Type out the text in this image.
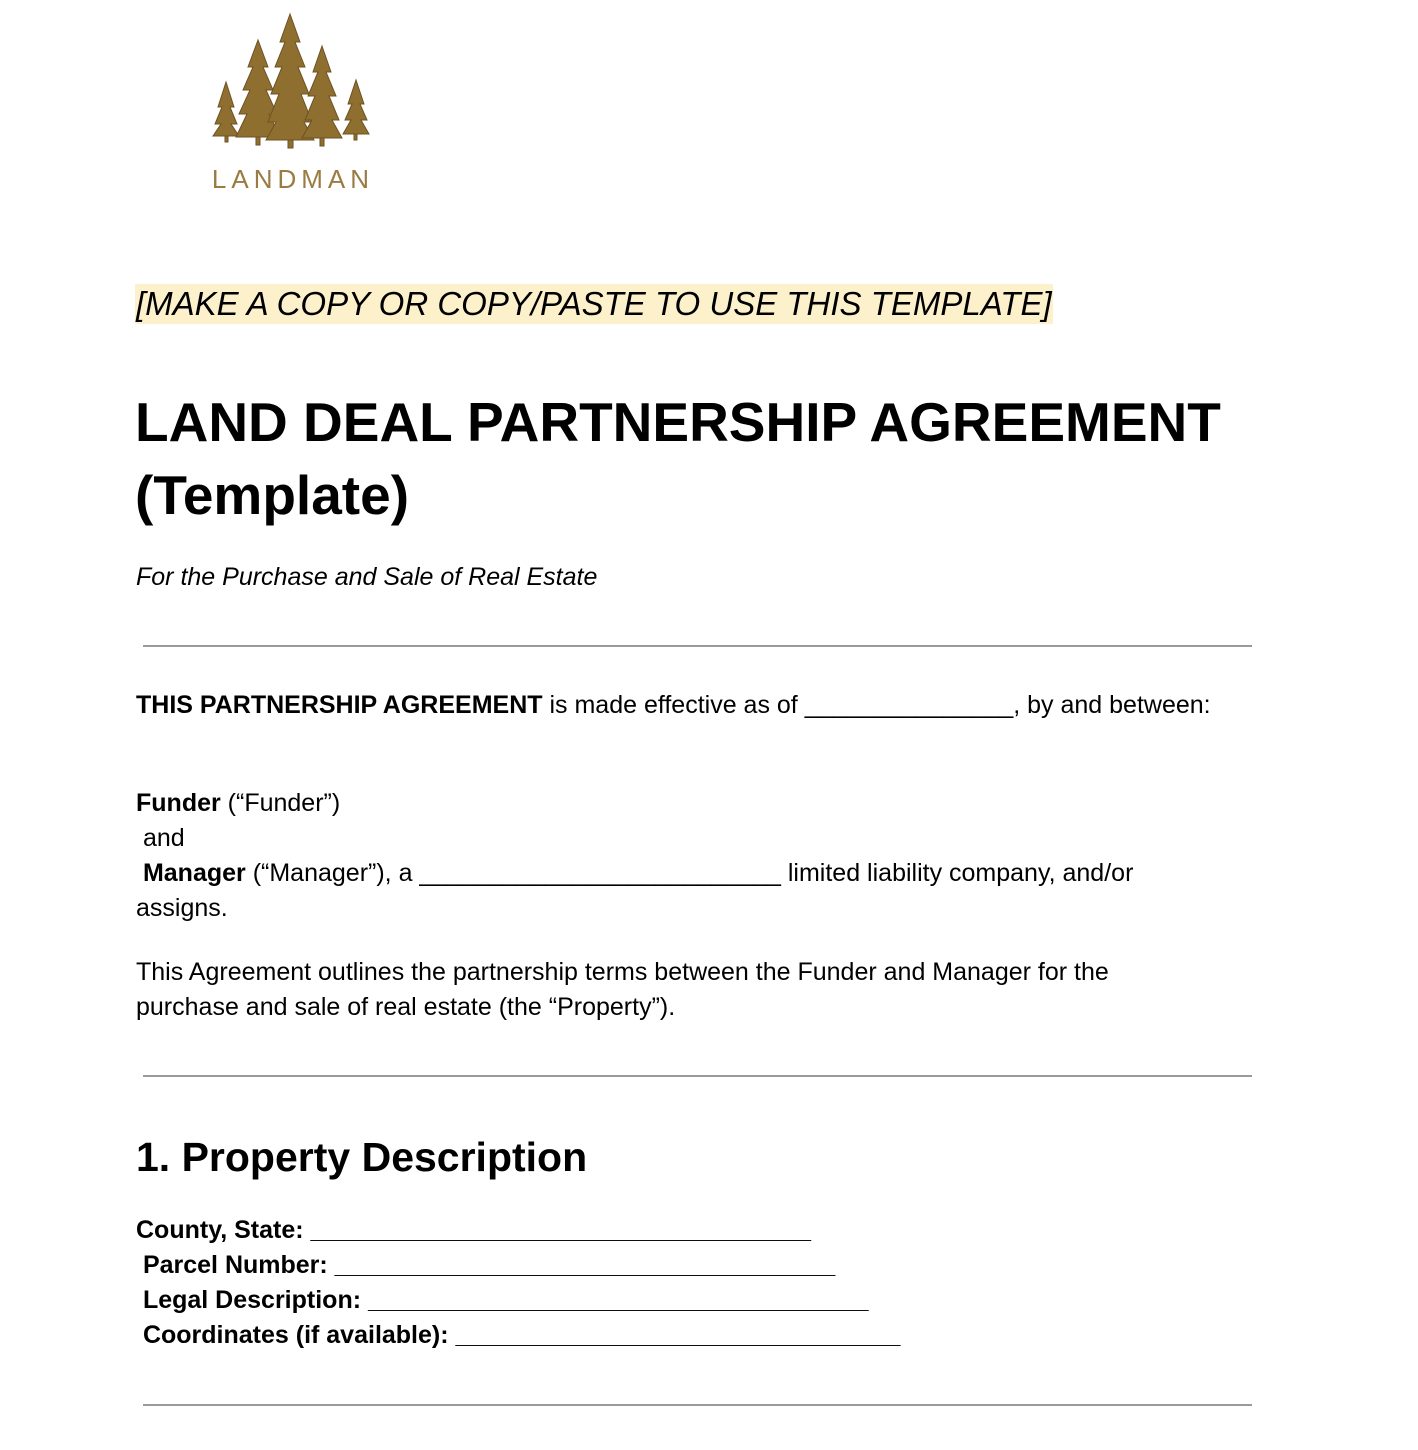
LANDMAN
[MAKE A COPY OR COPY/PASTE TO USE THIS TEMPLATE]
LAND DEAL PARTNERSHIP AGREEMENT
(Template)
For the Purchase and Sale of Real Estate
THIS PARTNERSHIP AGREEMENT is made effective as of _______________, by and between:
Funder (“Funder”)
and
Manager (“Manager”), a __________________________ limited liability company, and/or assigns.
This Agreement outlines the partnership terms between the Funder and Manager for the purchase and sale of real estate (the “Property”).
1. Property Description
County, State: ____________________________________
Parcel Number: ____________________________________
Legal Description: ____________________________________
Coordinates (if available): ________________________________
